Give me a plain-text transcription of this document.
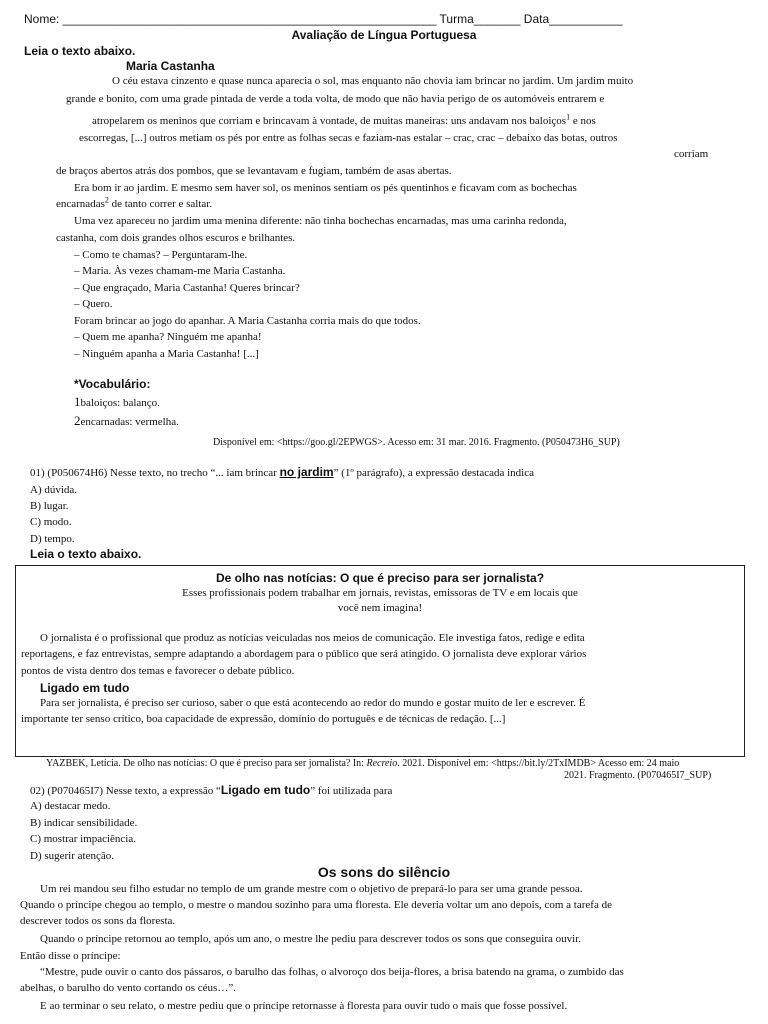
Nome: ________________________________________________________ Turma_______ Data___________
Avaliação de Língua Portuguesa
Leia o texto abaixo.
Maria Castanha
O céu estava cinzento e quase nunca aparecia o sol, mas enquanto não chovia iam brincar no jardim. Um jardim muito
grande e bonito, com uma grade pintada de verde a toda volta, de modo que não havia perigo de os automóveis entrarem e
atropelarem os meninos que corriam e brincavam à vontade, de muitas maneiras: uns andavam nos baloiços$^1$ e nos
escorregas, [...] outros metiam os pés por entre as folhas secas e faziam-nas estalar – crac, crac – debaixo das botas, outros
corriam
de braços abertos atrás dos pombos, que se levantavam e fugiam, também de asas abertas.
Era bom ir ao jardim. E mesmo sem haver sol, os meninos sentiam os pés quentinhos e ficavam com as bochechas
encarnadas$^2$ de tanto correr e saltar.
Uma vez apareceu no jardim uma menina diferente: não tinha bochechas encarnadas, mas uma carinha redonda,
castanha, com dois grandes olhos escuros e brilhantes.
– Como te chamas? – Perguntaram-lhe.
– Maria. Às vezes chamam-me Maria Castanha.
– Que engraçado, Maria Castanha! Queres brincar?
– Quero.
Foram brincar ao jogo do apanhar. A Maria Castanha corria mais do que todos.
– Quem me apanha? Ninguém me apanha!
– Ninguém apanha a Maria Castanha! [...]
*Vocabulário:
1baloiços: balanço.
2encarnadas: vermelha.
Disponível em: <https://goo.gl/2EPWGS>. Acesso em: 31 mar. 2016. Fragmento. (P050473H6_SUP)
01) (P050674H6) Nesse texto, no trecho “... iam brincar no jardim” (1º parágrafo), a expressão destacada indica
A) dúvida.
B) lugar.
C) modo.
D) tempo.
Leia o texto abaixo.
De olho nas notícias: O que é preciso para ser jornalista?
Esses profissionais podem trabalhar em jornais, revistas, emissoras de TV e em locais que
você nem imagina!
O jornalista é o profissional que produz as notícias veiculadas nos meios de comunicação. Ele investiga fatos, redige e edita
reportagens, e faz entrevistas, sempre adaptando a abordagem para o público que será atingido. O jornalista deve explorar vários
pontos de vista dentro dos temas e favorecer o debate público.
Ligado em tudo
Para ser jornalista, é preciso ser curioso, saber o que está acontecendo ao redor do mundo e gostar muito de ler e escrever. É
importante ter senso crítico, boa capacidade de expressão, domínio do português e de técnicas de redação. [...]
YAZBEK, Letícia. De olho nas notícias: O que é preciso para ser jornalista? In: Recreio. 2021. Disponível em: <https://bit.ly/2TxIMDB> Acesso em: 24 maio
2021. Fragmento. (P070465I7_SUP)
02) (P070465I7) Nesse texto, a expressão “Ligado em tudo” foi utilizada para
A) destacar medo.
B) indicar sensibilidade.
C) mostrar impaciência.
D) sugerir atenção.
Os sons do silêncio
Um rei mandou seu filho estudar no templo de um grande mestre com o objetivo de prepará-lo para ser uma grande pessoa.
Quando o príncipe chegou ao templo, o mestre o mandou sozinho para uma floresta. Ele deveria voltar um ano depois, com a tarefa de
descrever todos os sons da floresta.
Quando o príncipe retornou ao templo, após um ano, o mestre lhe pediu para descrever todos os sons que conseguira ouvir.
Então disse o príncipe:
“Mestre, pude ouvir o canto dos pássaros, o barulho das folhas, o alvoroço dos beija-flores, a brisa batendo na grama, o zumbido das
abelhas, o barulho do vento cortando os céus…”.
E ao terminar o seu relato, o mestre pediu que o príncipe retornasse à floresta para ouvir tudo o mais que fosse possível.
